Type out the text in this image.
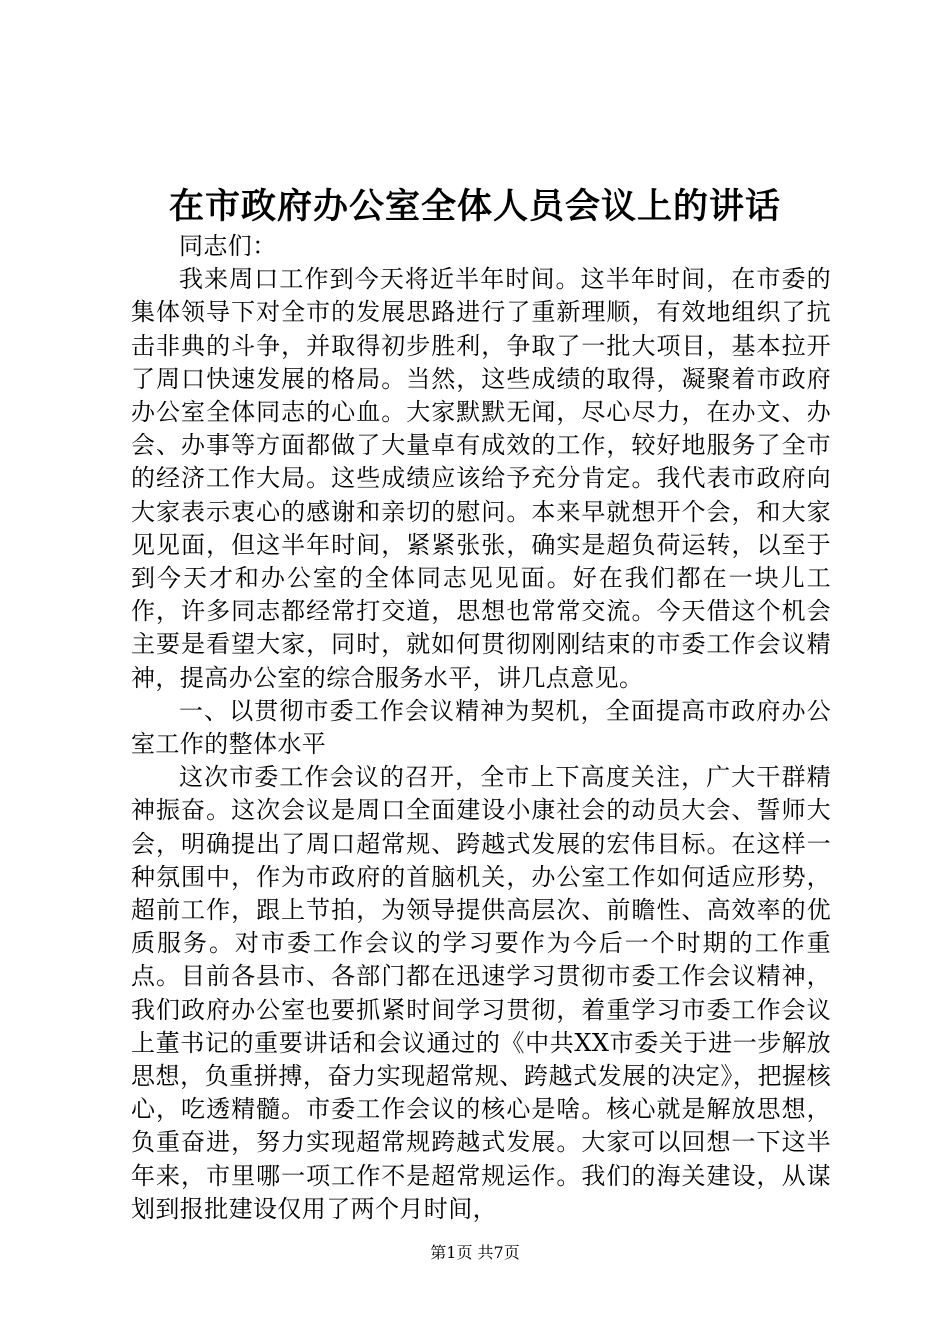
在市政府办公室全体人员会议上的讲话

同志们：

我来周口工作到今天将近半年时间。这半年时间，在市委的集体领导下对全市的发展思路进行了重新理顺，有效地组织了抗击非典的斗争，并取得初步胜利，争取了一批大项目，基本拉开了周口快速发展的格局。当然，这些成绩的取得，凝聚着市政府办公室全体同志的心血。大家默默无闻，尽心尽力，在办文、办会、办事等方面都做了大量卓有成效的工作，较好地服务了全市的经济工作大局。这些成绩应该给予充分肯定。我代表市政府向大家表示衷心的感谢和亲切的慰问。本来早就想开个会，和大家见见面，但这半年时间，紧紧张张，确实是超负荷运转，以至于到今天才和办公室的全体同志见见面。好在我们都在一块儿工作，许多同志都经常打交道，思想也常常交流。今天借这个机会主要是看望大家，同时，就如何贯彻刚刚结束的市委工作会议精神，提高办公室的综合服务水平，讲几点意见。

一、以贯彻市委工作会议精神为契机，全面提高市政府办公室工作的整体水平

这次市委工作会议的召开，全市上下高度关注，广大干群精神振奋。这次会议是周口全面建设小康社会的动员大会、誓师大会，明确提出了周口超常规、跨越式发展的宏伟目标。在这样一种氛围中，作为市政府的首脑机关，办公室工作如何适应形势，超前工作，跟上节拍，为领导提供高层次、前瞻性、高效率的优质服务。对市委工作会议的学习要作为今后一个时期的工作重点。目前各县市、各部门都在迅速学习贯彻市委工作会议精神，我们政府办公室也要抓紧时间学习贯彻，着重学习市委工作会议上董书记的重要讲话和会议通过的《中共XX市委关于进一步解放思想，负重拼搏，奋力实现超常规、跨越式发展的决定》，把握核心，吃透精髓。市委工作会议的核心是啥。核心就是解放思想，负重奋进，努力实现超常规跨越式发展。大家可以回想一下这半年来，市里哪一项工作不是超常规运作。我们的海关建设，从谋划到报批建设仅用了两个月时间，

第1页 共7页
